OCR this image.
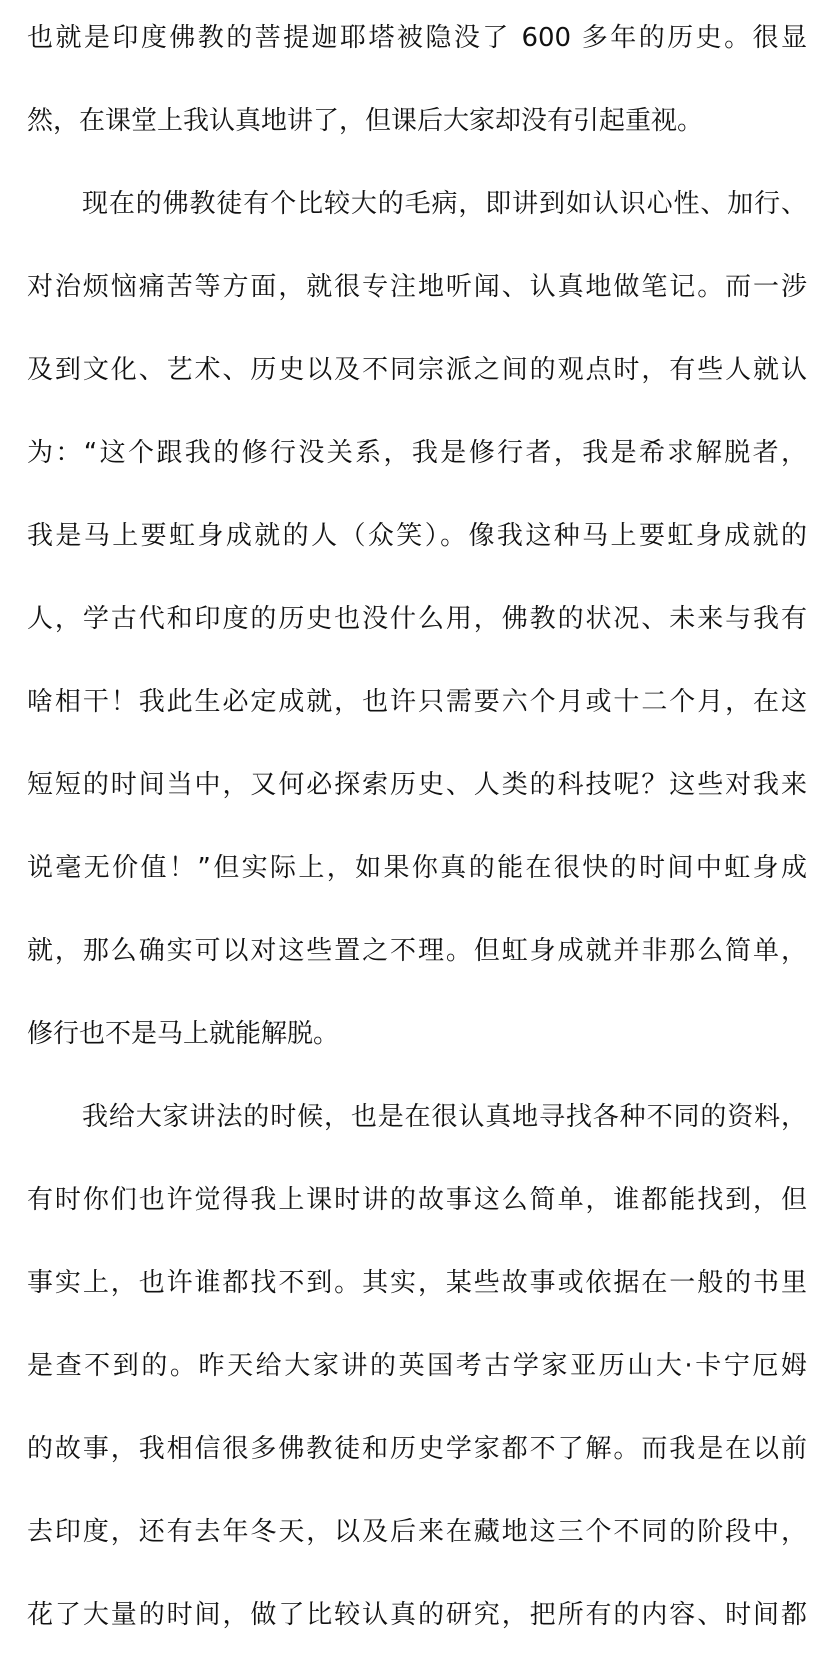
也就是印度佛教的菩提迦耶塔被隐没了 600 多年的历史。很显
然，在课堂上我认真地讲了，但课后大家却没有引起重视。
现在的佛教徒有个比较大的毛病，即讲到如认识心性、加行、
对治烦恼痛苦等方面，就很专注地听闻、认真地做笔记。而一涉
及到文化、艺术、历史以及不同宗派之间的观点时，有些人就认
为：“这个跟我的修行没关系，我是修行者，我是希求解脱者，
我是马上要虹身成就的人（众笑）。像我这种马上要虹身成就的
人，学古代和印度的历史也没什么用，佛教的状况、未来与我有
啥相干！我此生必定成就，也许只需要六个月或十二个月，在这
短短的时间当中，又何必探索历史、人类的科技呢？这些对我来
说毫无价值！”但实际上，如果你真的能在很快的时间中虹身成
就，那么确实可以对这些置之不理。但虹身成就并非那么简单，
修行也不是马上就能解脱。
我给大家讲法的时候，也是在很认真地寻找各种不同的资料，
有时你们也许觉得我上课时讲的故事这么简单，谁都能找到，但
事实上，也许谁都找不到。其实，某些故事或依据在一般的书里
是查不到的。昨天给大家讲的英国考古学家亚历山大·卡宁厄姆
的故事，我相信很多佛教徒和历史学家都不了解。而我是在以前
去印度，还有去年冬天，以及后来在藏地这三个不同的阶段中，
花了大量的时间，做了比较认真的研究，把所有的内容、时间都
